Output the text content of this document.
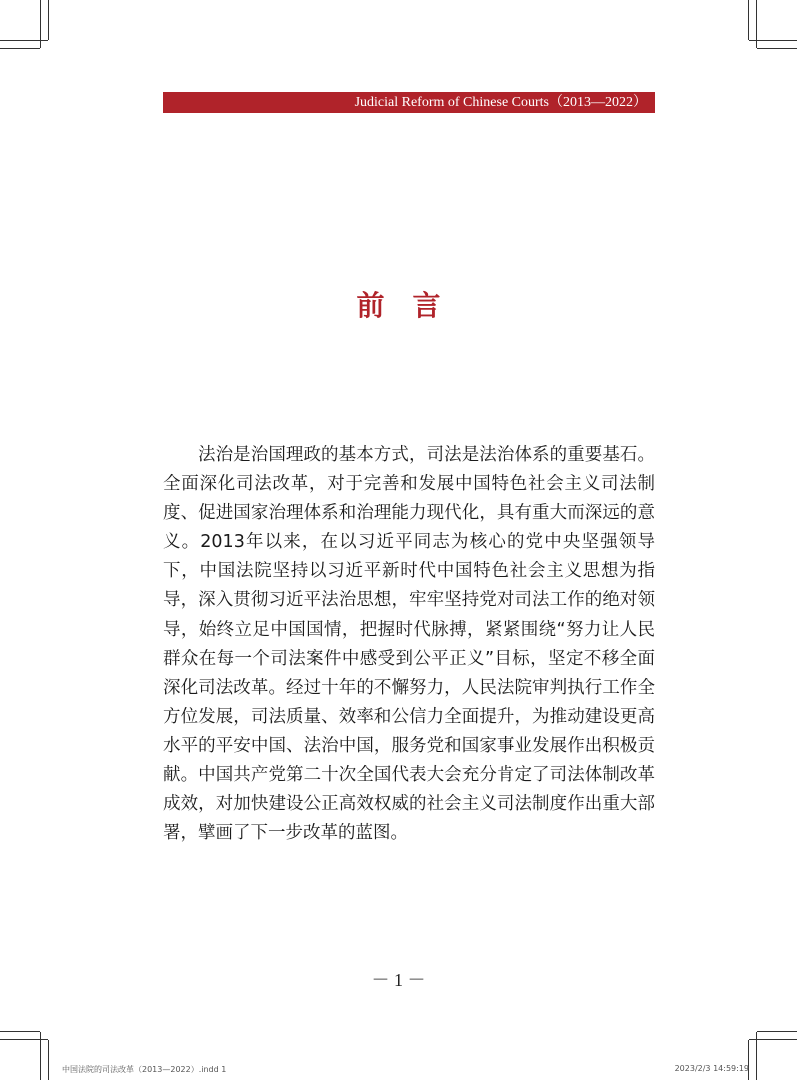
Judicial Reform of Chinese Courts（2013—2022）
前言

法治是治国理政的基本方式，司法是法治体系的重要基石。全面深化司法改革，对于完善和发展中国特色社会主义司法制度、促进国家治理体系和治理能力现代化，具有重大而深远的意义。2013年以来，在以习近平同志为核心的党中央坚强领导下，中国法院坚持以习近平新时代中国特色社会主义思想为指导，深入贯彻习近平法治思想，牢牢坚持党对司法工作的绝对领导，始终立足中国国情，把握时代脉搏，紧紧围绕“努力让人民群众在每一个司法案件中感受到公平正义”目标，坚定不移全面深化司法改革。经过十年的不懈努力，人民法院审判执行工作全方位发展，司法质量、效率和公信力全面提升，为推动建设更高水平的平安中国、法治中国，服务党和国家事业发展作出积极贡献。中国共产党第二十次全国代表大会充分肯定了司法体制改革成效，对加快建设公正高效权威的社会主义司法制度作出重大部署，擘画了下一步改革的蓝图。

－ 1 －
中国法院的司法改革（2013—2022）.indd 1	2023/2/3 14:59:19
